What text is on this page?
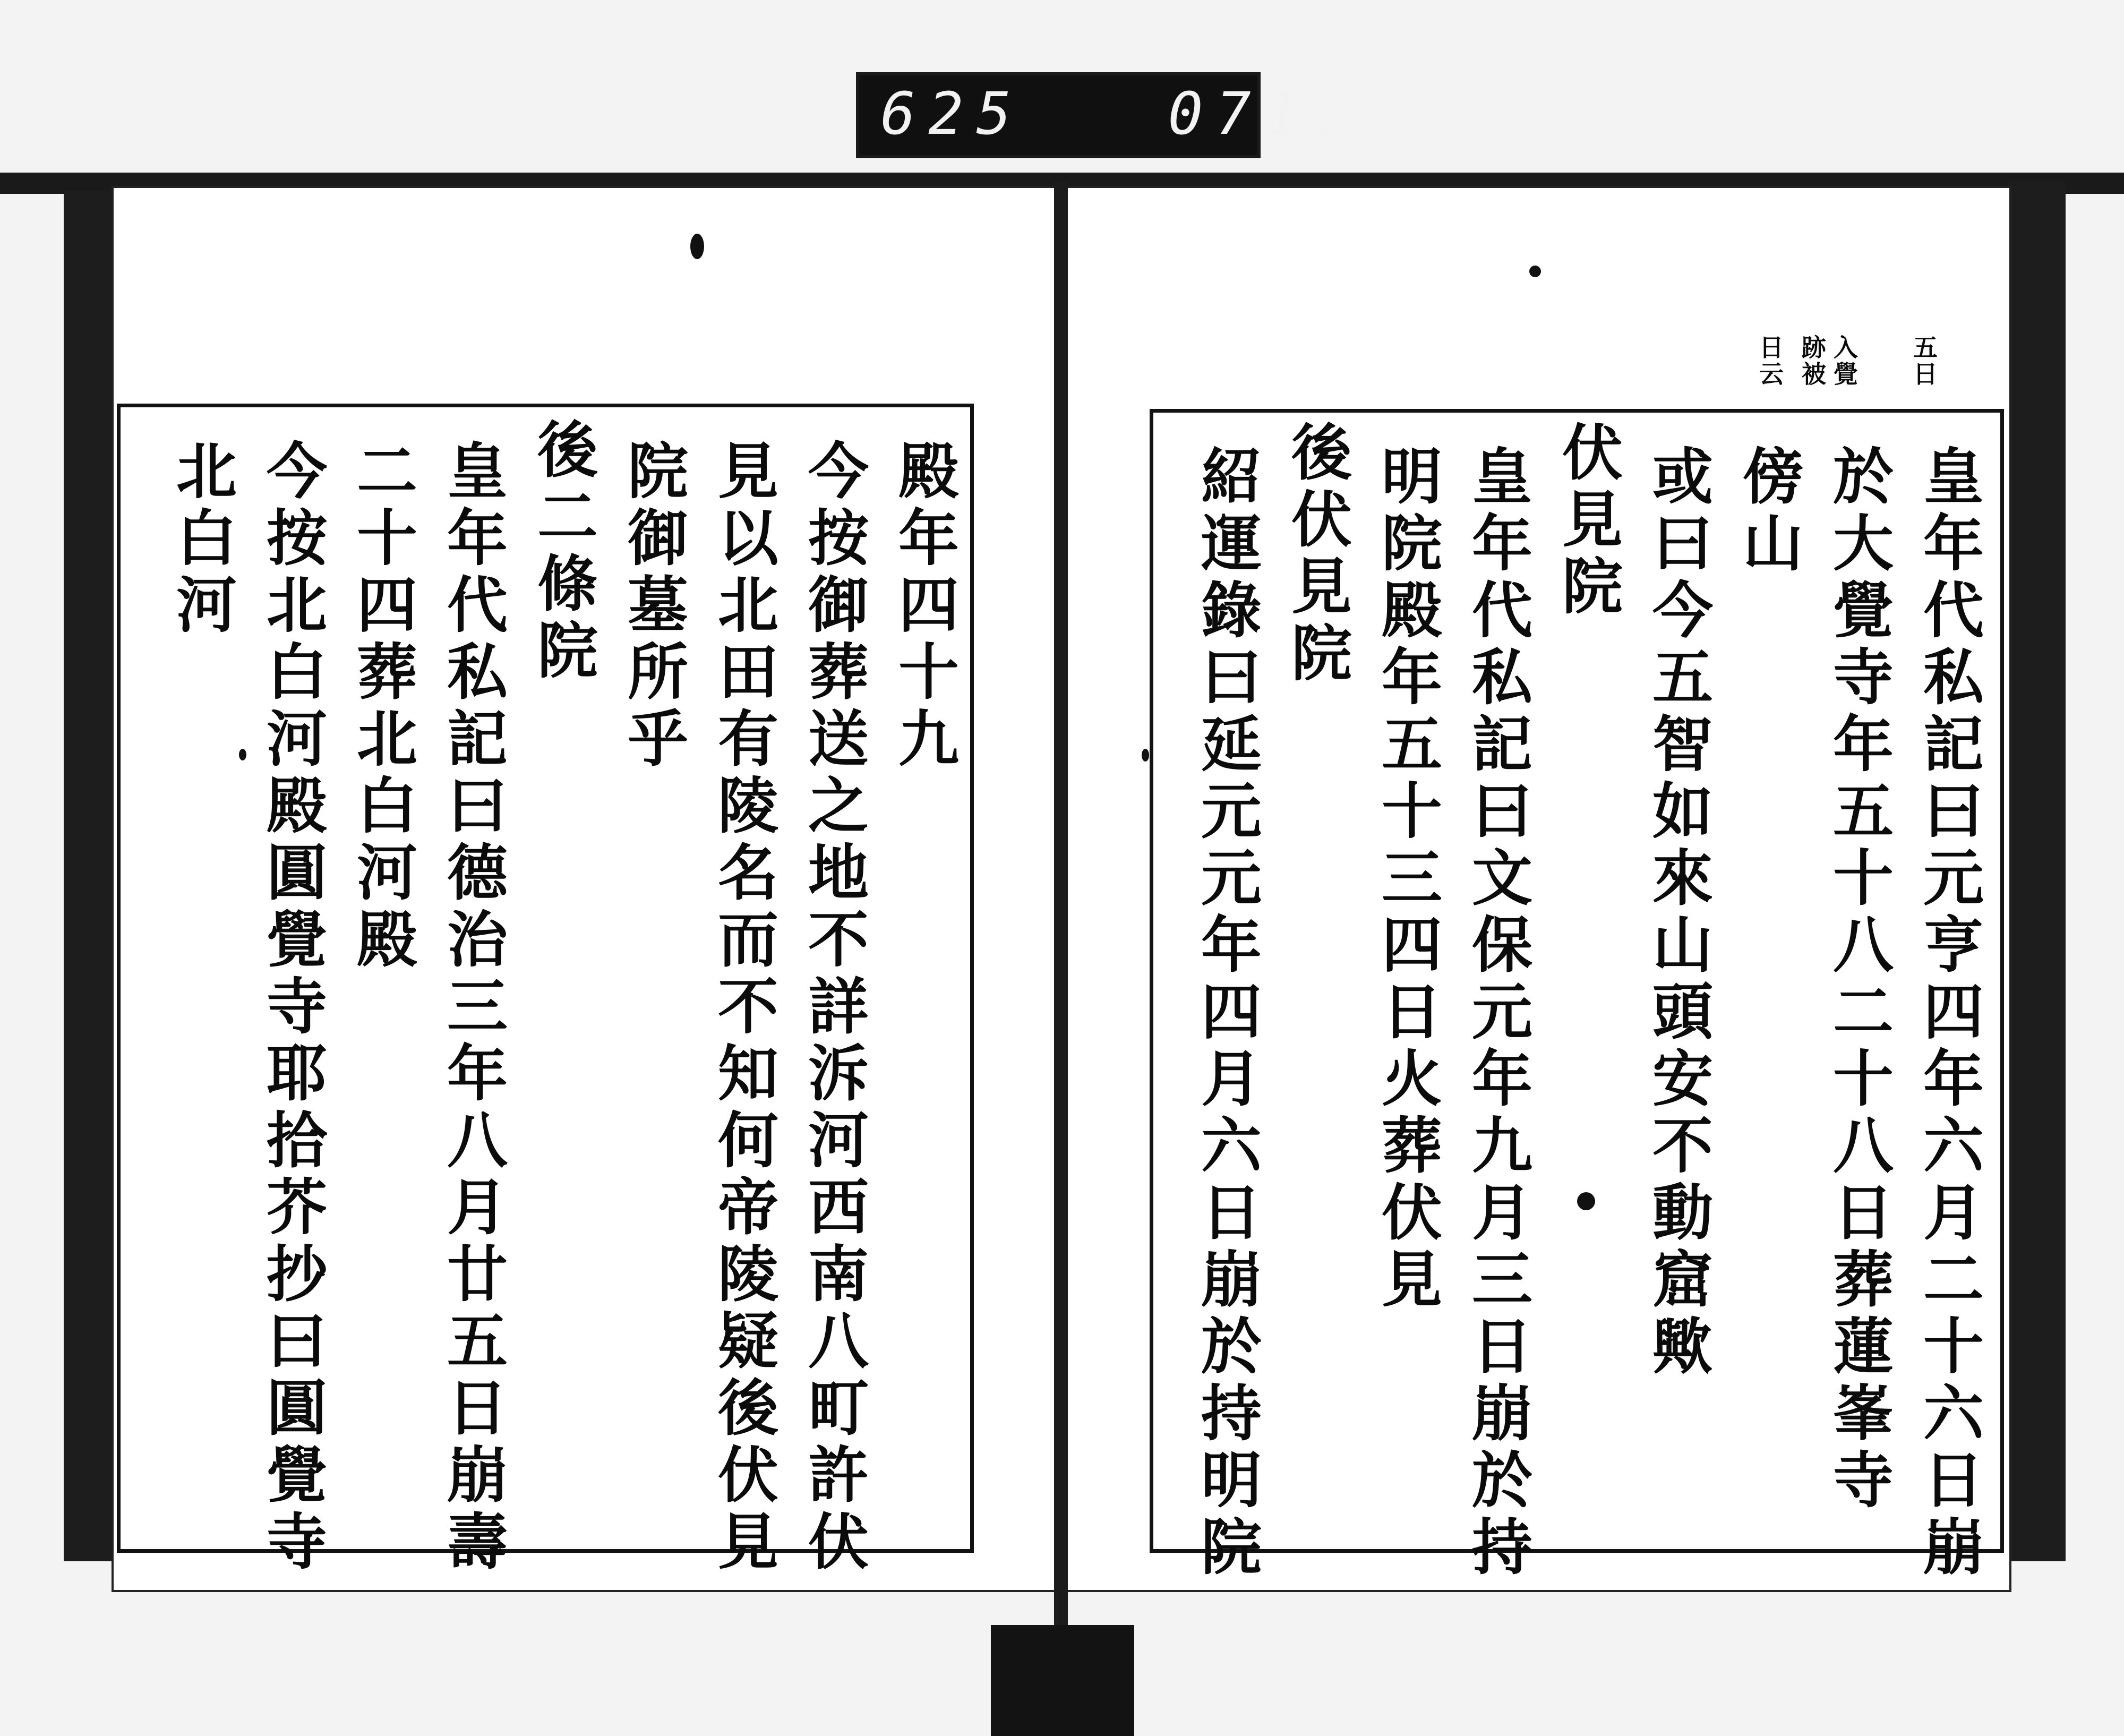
625   071.
五日
入覺
跡被
日云
皇年代私記曰元亨四年六月二十六日崩
於大覺寺年五十八二十八日葬蓮峯寺
傍山
或曰今五智如來山頭安不動窟歟
伏見院
皇年代私記曰文保元年九月三日崩於持
明院殿年五十三四日火葬伏見
後伏見院
紹運錄曰延元元年四月六日崩於持明院
殿年四十九
今按御葬送之地不詳泝河西南八町許伏
見以北田有陵名而不知何帝陵疑後伏見
院御墓所乎
後二條院
皇年代私記曰德治三年八月廿五日崩壽
二十四葬北白河殿
今按北白河殿圓覺寺耶拾芥抄曰圓覺寺
北白河
